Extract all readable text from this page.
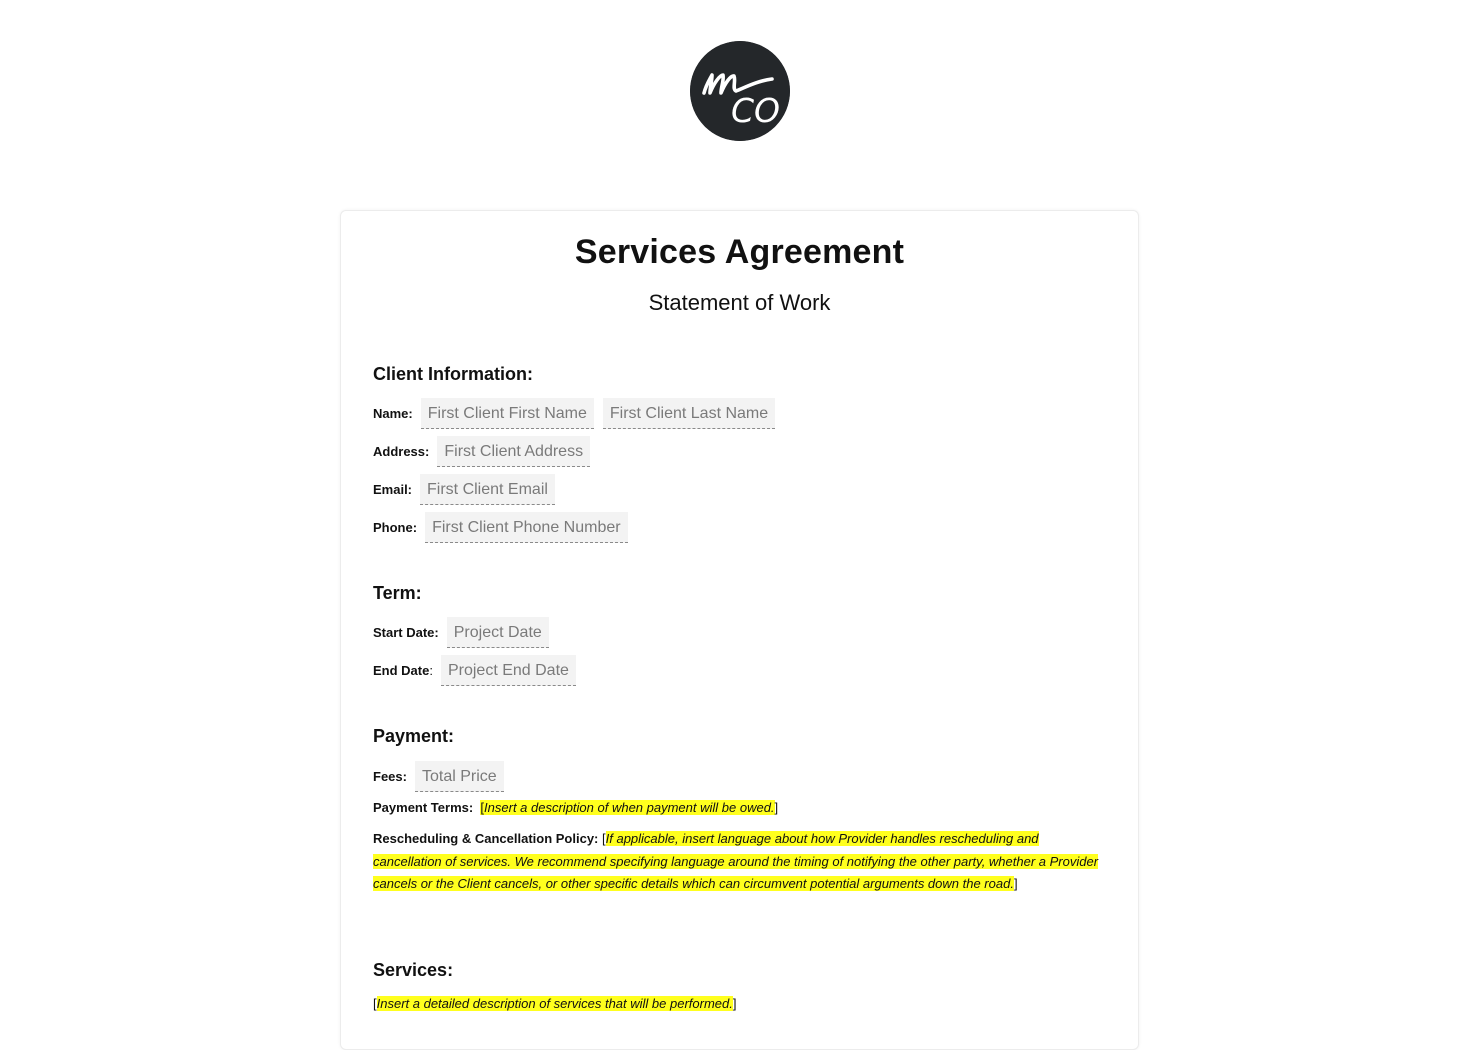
CO
Services Agreement
Statement of Work
Client Information:
Name: First Client First Name	First Client Last Name
Address: First Client Address
Email: First Client Email
Phone: First Client Phone Number
Term:
Start Date: Project Date
End Date: Project End Date
Payment:
Fees: Total Price

Payment Terms: [Insert a description of when payment will be owed.]

Rescheduling & Cancellation Policy: [If applicable, insert language about how Provider handles rescheduling and cancellation of services. We recommend specifying language around the timing of notifying the other party, whether a Provider cancels or the Client cancels, or other specific details which can circumvent potential arguments down the road.]

Services:

[Insert a detailed description of services that will be performed.]
